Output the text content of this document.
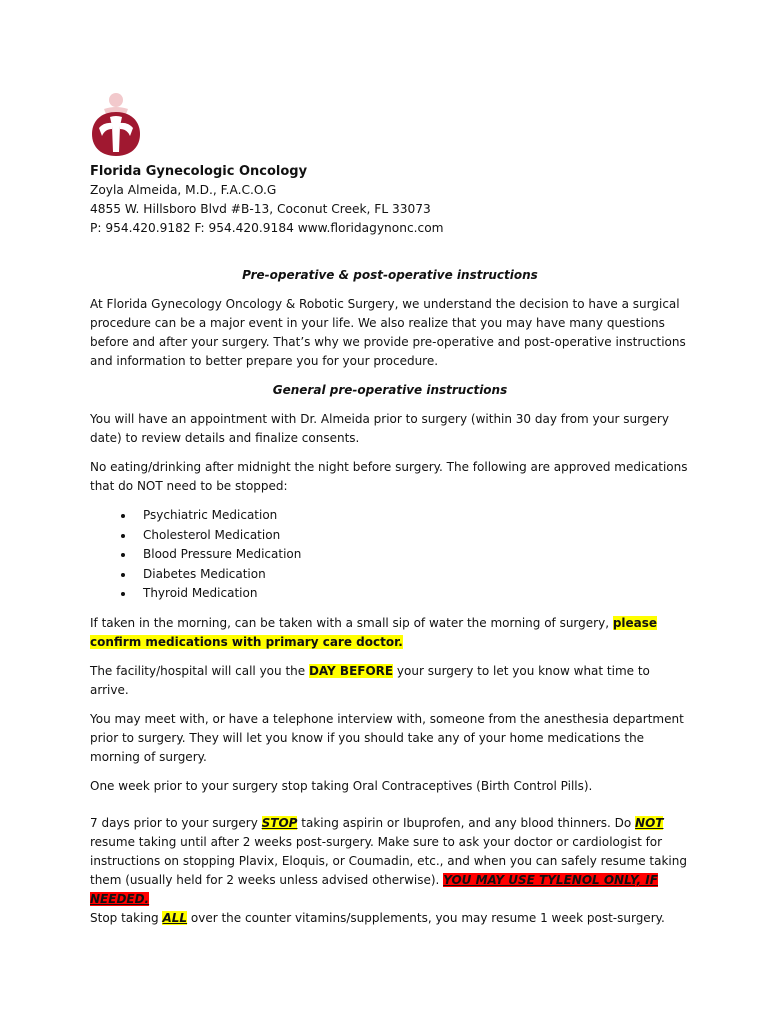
Florida Gynecologic Oncology
Zoyla Almeida, M.D., F.A.C.O.G
4855 W. Hillsboro Blvd #B-13, Coconut Creek, FL 33073
P: 954.420.9182 F: 954.420.9184 www.floridagynonc.com
Pre-operative & post-operative instructions

At Florida Gynecology Oncology & Robotic Surgery, we understand the decision to have a surgical procedure can be a major event in your life. We also realize that you may have many questions before and after your surgery. That’s why we provide pre-operative and post-operative instructions and information to better prepare you for your procedure.

General pre-operative instructions

You will have an appointment with Dr. Almeida prior to surgery (within 30 day from your surgery date) to review details and finalize consents.

No eating/drinking after midnight the night before surgery. The following are approved medications that do NOT need to be stopped:

• Psychiatric Medication
• Cholesterol Medication
• Blood Pressure Medication
• Diabetes Medication
• Thyroid Medication

If taken in the morning, can be taken with a small sip of water the morning of surgery, please confirm medications with primary care doctor.

The facility/hospital will call you the DAY BEFORE your surgery to let you know what time to arrive.

You may meet with, or have a telephone interview with, someone from the anesthesia department prior to surgery. They will let you know if you should take any of your home medications the morning of surgery.

One week prior to your surgery stop taking Oral Contraceptives (Birth Control Pills).

7 days prior to your surgery STOP taking aspirin or Ibuprofen, and any blood thinners. Do NOT resume taking until after 2 weeks post-surgery. Make sure to ask your doctor or cardiologist for instructions on stopping Plavix, Eloquis, or Coumadin, etc., and when you can safely resume taking them (usually held for 2 weeks unless advised otherwise). YOU MAY USE TYLENOL ONLY, IF NEEDED.
Stop taking ALL over the counter vitamins/supplements, you may resume 1 week post-surgery.
